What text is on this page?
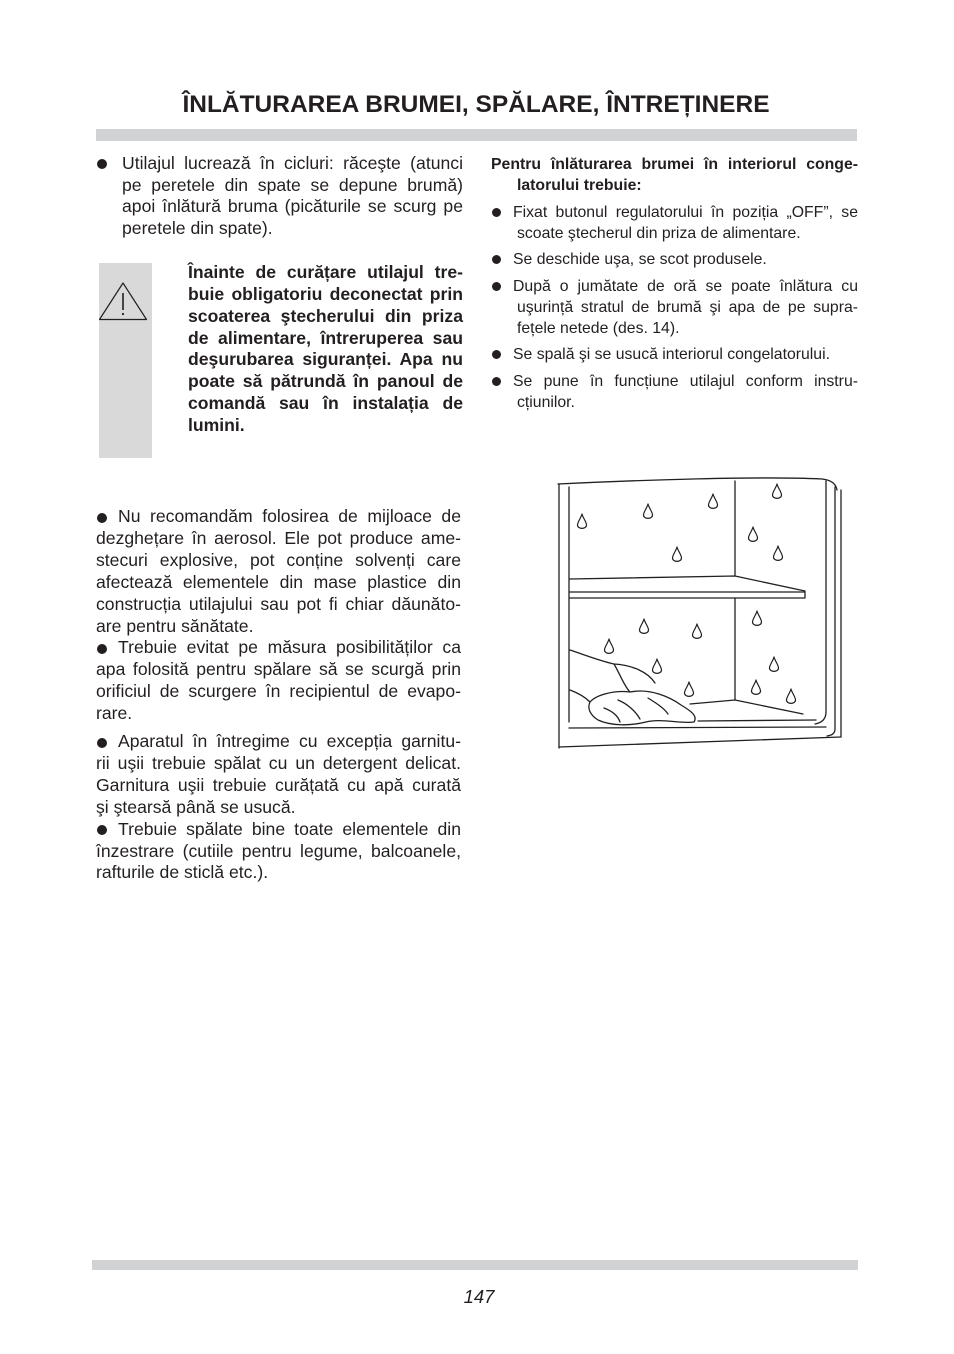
ÎNLĂTURAREA BRUMEI, SPĂLARE, ÎNTREȚINERE
Utilajul lucrează în cicluri: răceşte (atunci
pe peretele din spate se depune brumă)
apoi înlătură bruma (picăturile se scurg pe
peretele din spate).
Înainte de curățare utilajul tre-
buie obligatoriu deconectat prin
scoaterea ştecherului din priza
de alimentare, întreruperea sau
deşurubarea siguranței. Apa nu
poate să pătrundă în panoul de
comandă sau în instalația de
lumini.
Nu recomandăm folosirea de mijloace de
dezghețare în aerosol. Ele pot produce ame-
stecuri explosive, pot conține solvenți care
afectează elementele din mase plastice din
construcția utilajului sau pot fi chiar dăunăto-
are pentru sănătate.
Trebuie evitat pe măsura posibilităților ca
apa folosită pentru spălare să se scurgă prin
orificiul de scurgere în recipientul de evapo-
rare.
Aparatul în întregime cu excepția garnitu-
rii uşii trebuie spălat cu un detergent delicat.
Garnitura uşii trebuie curățată cu apă curată
şi ştearsă până se usucă.
Trebuie spălate bine toate elementele din
înzestrare (cutiile pentru legume, balcoanele,
rafturile de sticlă etc.).
Pentru înlăturarea brumei în interiorul conge-
latorului trebuie:
Fixat butonul regulatorului în poziția „OFF”, se
scoate ştecherul din priza de alimentare.
Se deschide uşa, se scot produsele.
După o jumătate de oră se poate înlătura cu
uşurință stratul de brumă şi apa de pe supra-
fețele netede (des. 14).
Se spală şi se usucă interiorul congelatorului.
Se pune în funcțiune utilajul conform instru-
cțiunilor.
147
